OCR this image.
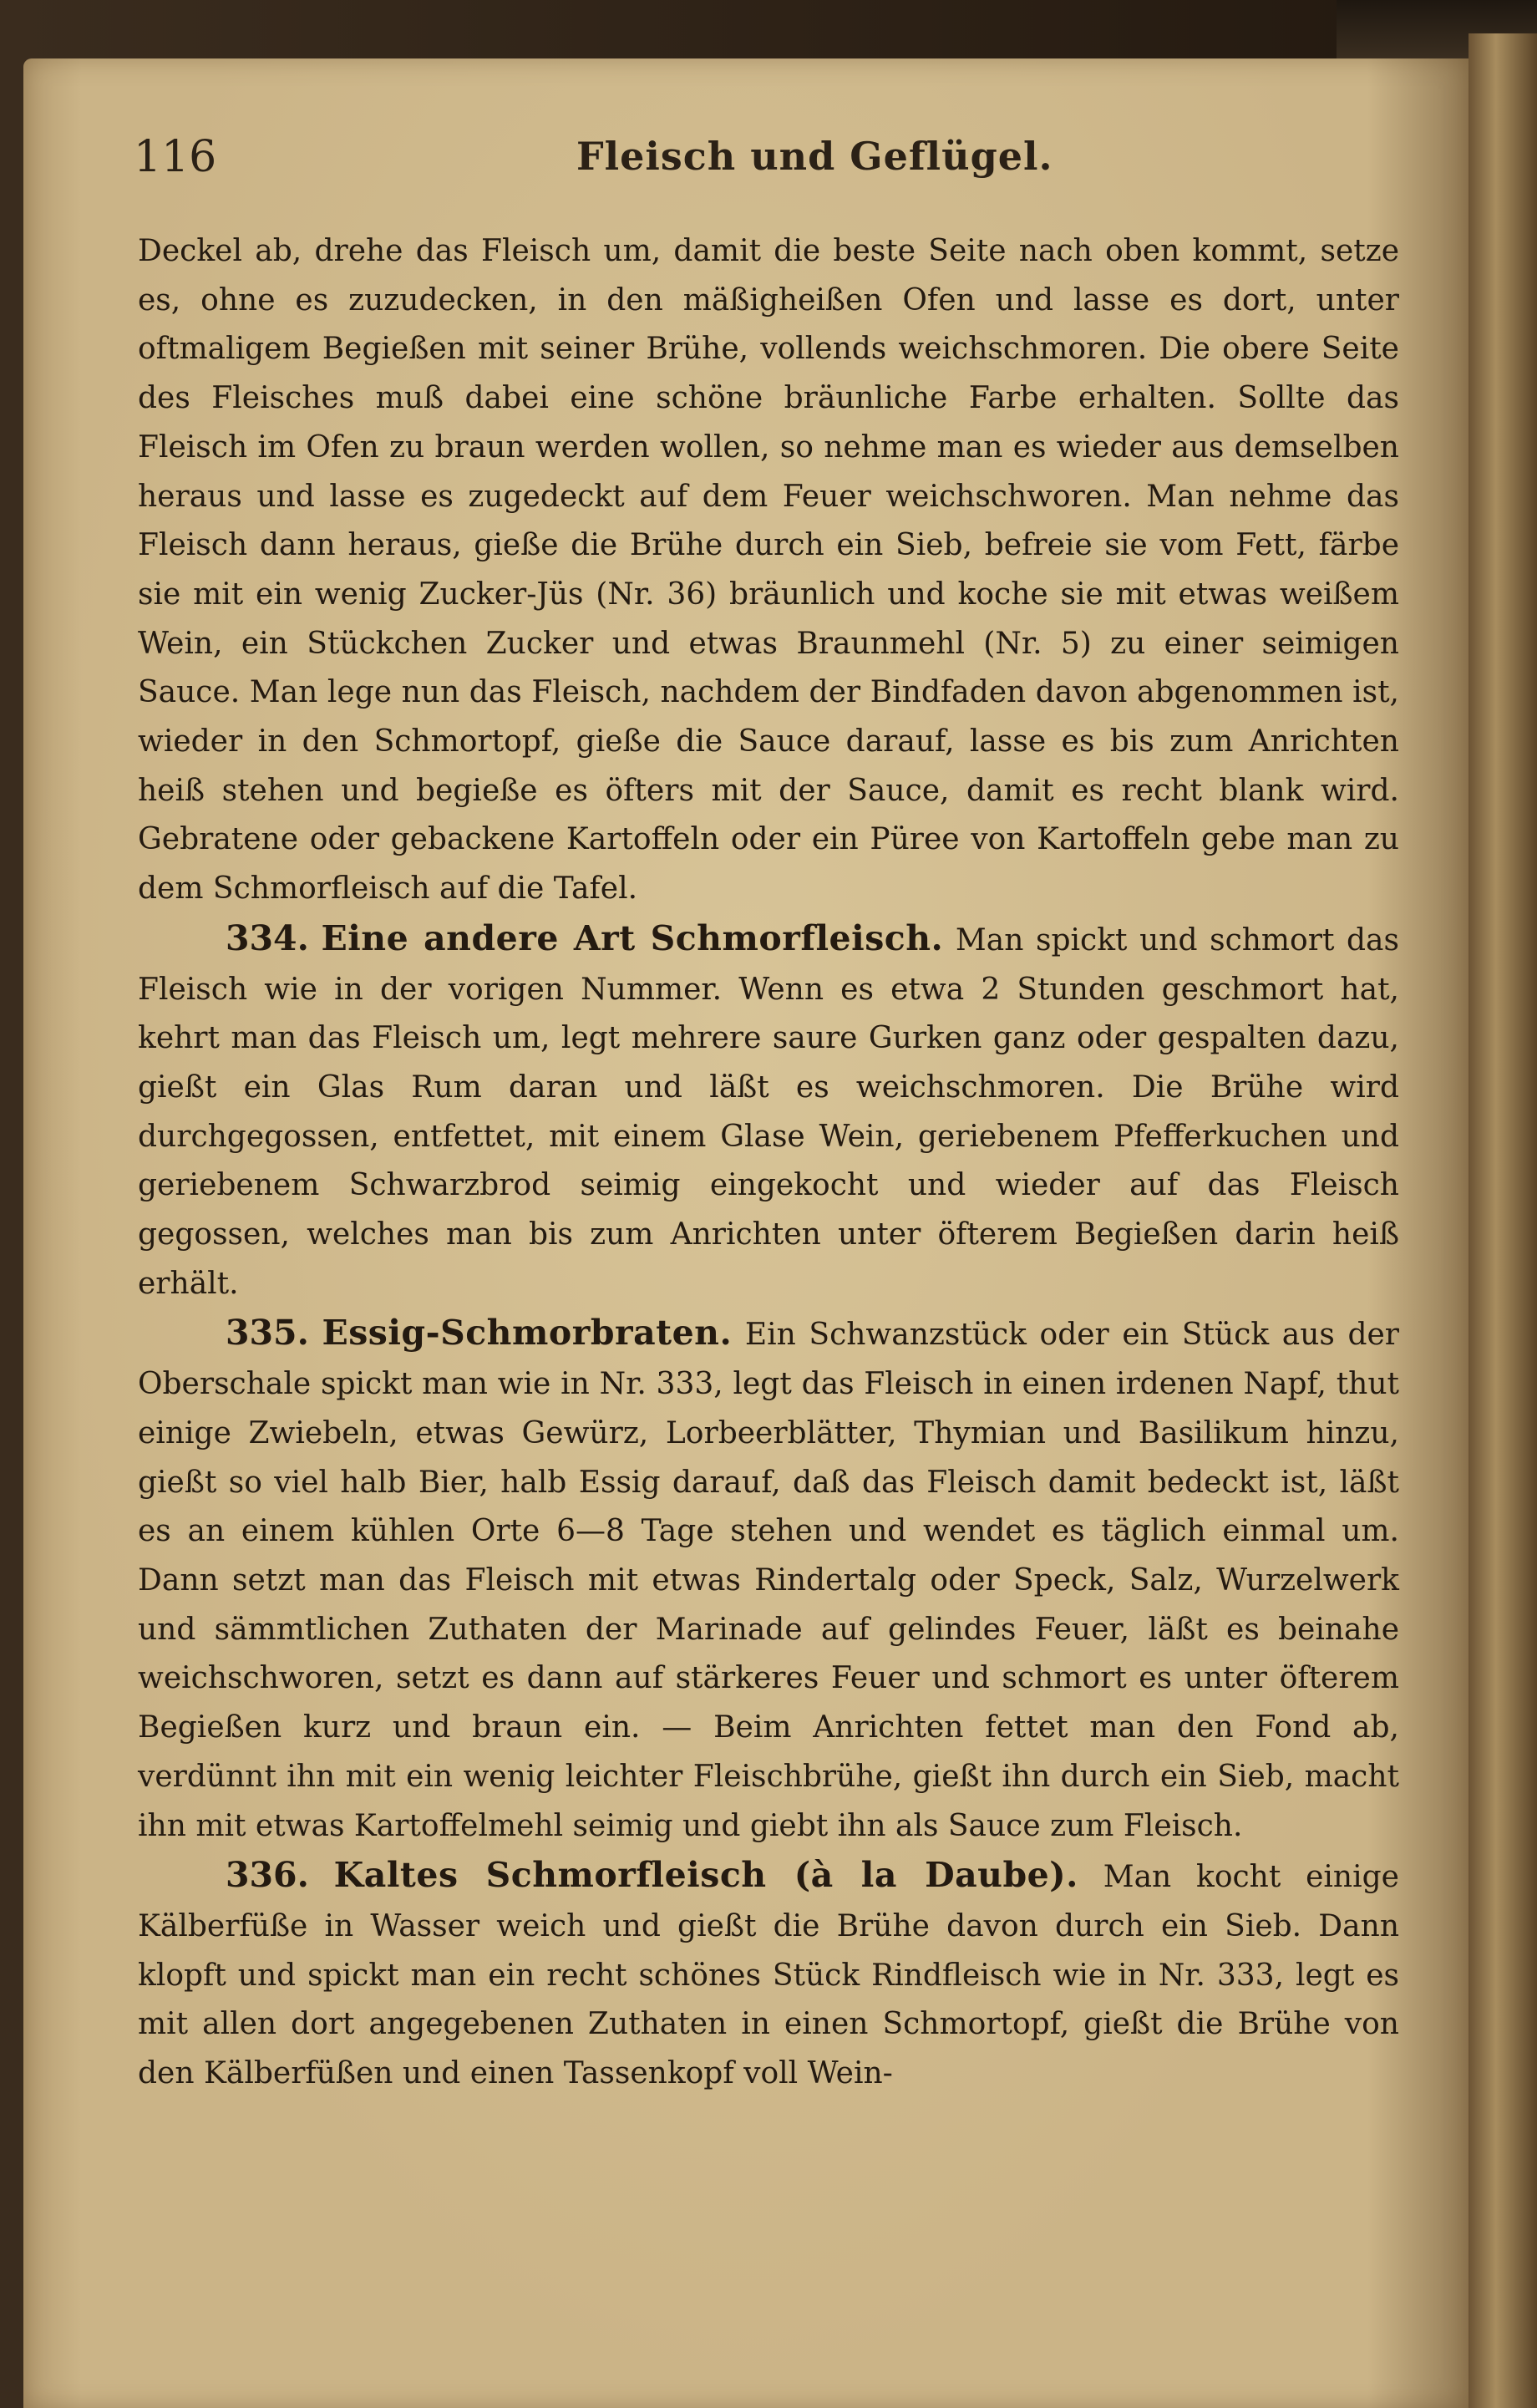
116	Fleisch und Geflügel.

Deckel ab, drehe das Fleisch um, damit die beste Seite nach oben kommt, setze es, ohne es zuzudecken, in den mäßigheißen Ofen und lasse es dort, unter oftmaligem Begießen mit seiner Brühe, vollends weichschmoren. Die obere Seite des Fleisches muß dabei eine schöne bräunliche Farbe erhalten. Sollte das Fleisch im Ofen zu braun werden wollen, so nehme man es wieder aus demselben heraus und lasse es zugedeckt auf dem Feuer weichschworen. Man nehme das Fleisch dann heraus, gieße die Brühe durch ein Sieb, befreie sie vom Fett, färbe sie mit ein wenig Zucker-Jüs (Nr. 36) bräunlich und koche sie mit etwas weißem Wein, ein Stückchen Zucker und etwas Braunmehl (Nr. 5) zu einer seimigen Sauce. Man lege nun das Fleisch, nachdem der Bindfaden davon abgenommen ist, wieder in den Schmortopf, gieße die Sauce darauf, lasse es bis zum Anrichten heiß stehen und begieße es öfters mit der Sauce, damit es recht blank wird. Gebratene oder gebackene Kartoffeln oder ein Püree von Kartoffeln gebe man zu dem Schmorfleisch auf die Tafel.

334. Eine andere Art Schmorfleisch. Man spickt und schmort das Fleisch wie in der vorigen Nummer. Wenn es etwa 2 Stunden geschmort hat, kehrt man das Fleisch um, legt mehrere saure Gurken ganz oder gespalten dazu, gießt ein Glas Rum daran und läßt es weichschmoren. Die Brühe wird durchgegossen, entfettet, mit einem Glase Wein, geriebenem Pfefferkuchen und geriebenem Schwarzbrod seimig eingekocht und wieder auf das Fleisch gegossen, welches man bis zum Anrichten unter öfterem Begießen darin heiß erhält.

335. Essig-Schmorbraten. Ein Schwanzstück oder ein Stück aus der Oberschale spickt man wie in Nr. 333, legt das Fleisch in einen irdenen Napf, thut einige Zwiebeln, etwas Gewürz, Lorbeerblätter, Thymian und Basilikum hinzu, gießt so viel halb Bier, halb Essig darauf, daß das Fleisch damit bedeckt ist, läßt es an einem kühlen Orte 6—8 Tage stehen und wendet es täglich einmal um. Dann setzt man das Fleisch mit etwas Rindertalg oder Speck, Salz, Wurzelwerk und sämmtlichen Zuthaten der Marinade auf gelindes Feuer, läßt es beinahe weichschworen, setzt es dann auf stärkeres Feuer und schmort es unter öfterem Begießen kurz und braun ein. — Beim Anrichten fettet man den Fond ab, verdünnt ihn mit ein wenig leichter Fleischbrühe, gießt ihn durch ein Sieb, macht ihn mit etwas Kartoffelmehl seimig und giebt ihn als Sauce zum Fleisch.

336. Kaltes Schmorfleisch (à la Daube). Man kocht einige Kälberfüße in Wasser weich und gießt die Brühe davon durch ein Sieb. Dann klopft und spickt man ein recht schönes Stück Rindfleisch wie in Nr. 333, legt es mit allen dort angegebenen Zuthaten in einen Schmortopf, gießt die Brühe von den Kälberfüßen und einen Tassenkopf voll Wein-
